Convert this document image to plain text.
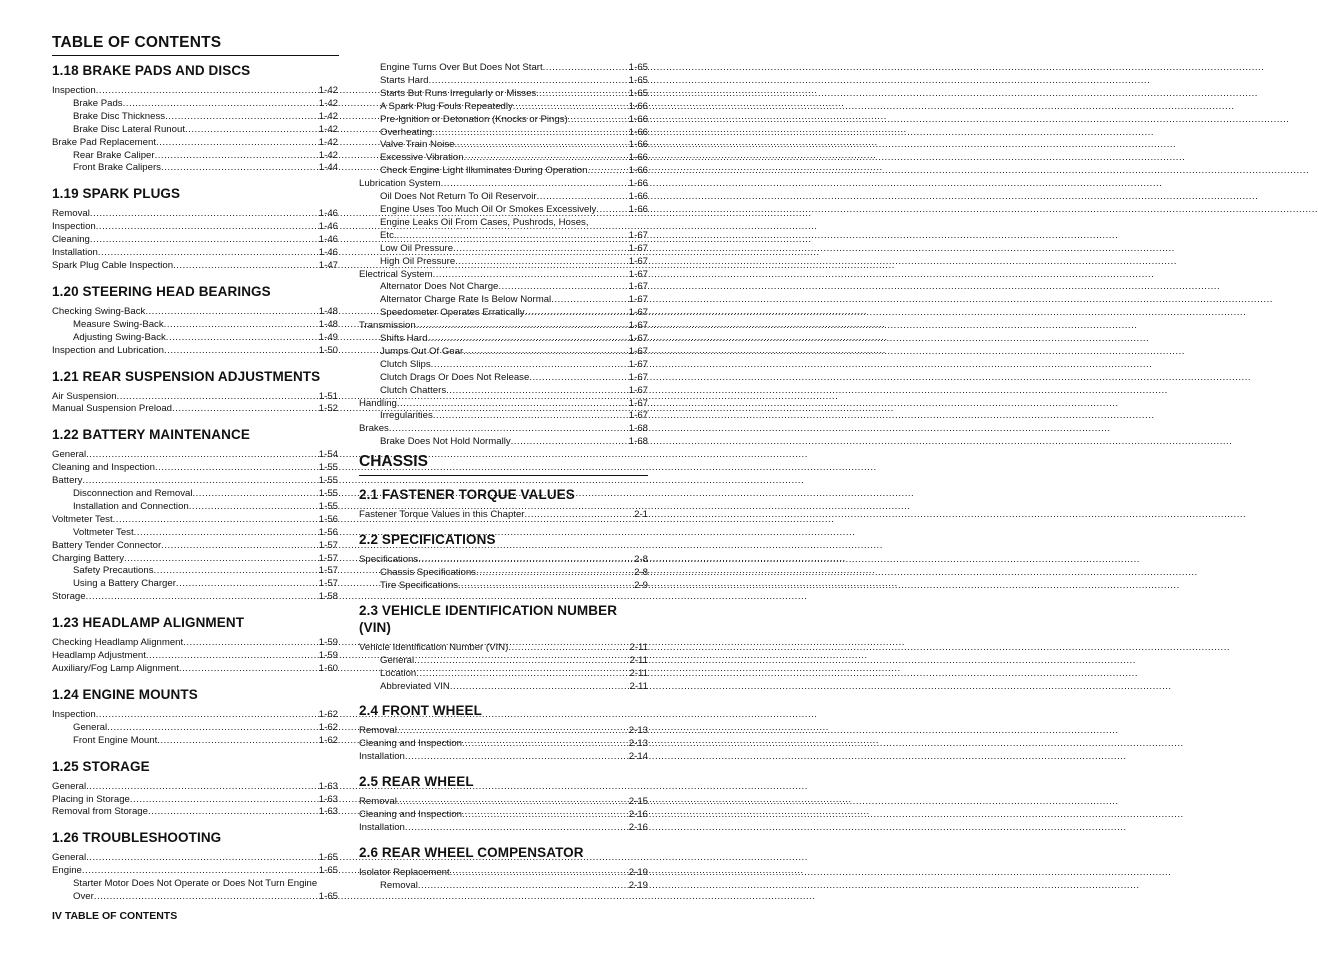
TABLE OF CONTENTS
1.18 BRAKE PADS AND DISCS
Inspection .....	1-42
Brake Pads .....	1-42
Brake Disc Thickness .....	1-42
Brake Disc Lateral Runout .....	1-42
Brake Pad Replacement .....	1-42
Rear Brake Caliper .....	1-42
Front Brake Calipers .....	1-44
1.19 SPARK PLUGS
Removal .....	1-46
Inspection .....	1-46
Cleaning .....	1-46
Installation .....	1-46
Spark Plug Cable Inspection .....	1-47
1.20 STEERING HEAD BEARINGS
Checking Swing-Back .....	1-48
Measure Swing-Back .....	1-48
Adjusting Swing-Back .....	1-49
Inspection and Lubrication .....	1-50
1.21 REAR SUSPENSION ADJUSTMENTS
Air Suspension .....	1-51
Manual Suspension Preload .....	1-52
1.22 BATTERY MAINTENANCE
General .....	1-54
Cleaning and Inspection .....	1-55
Battery .....	1-55
Disconnection and Removal .....	1-55
Installation and Connection .....	1-55
Voltmeter Test .....	1-56
Voltmeter Test .....	1-56
Battery Tender Connector .....	1-57
Charging Battery .....	1-57
Safety Precautions .....	1-57
Using a Battery Charger .....	1-57
Storage .....	1-58
1.23 HEADLAMP ALIGNMENT
Checking Headlamp Alignment .....	1-59
Headlamp Adjustment .....	1-59
Auxiliary/Fog Lamp Alignment .....	1-60
1.24 ENGINE MOUNTS
Inspection .....	1-62
General .....	1-62
Front Engine Mount .....	1-62
1.25 STORAGE
General .....	1-63
Placing in Storage .....	1-63
Removal from Storage .....	1-63
1.26 TROUBLESHOOTING
General .....	1-65
Engine .....	1-65
Starter Motor Does Not Operate or Does Not Turn Engine
Over .....	1-65
Engine Turns Over But Does Not Start .....	1-65
Starts Hard .....	1-65
Starts But Runs Irregularly or Misses .....	1-65
A Spark Plug Fouls Repeatedly .....	1-66
Pre-Ignition or Detonation (Knocks or Pings) .....	1-66
Overheating .....	1-66
Valve Train Noise .....	1-66
Excessive Vibration .....	1-66
Check Engine Light Illuminates During Operation .....	1-66
Lubrication System .....	1-66
Oil Does Not Return To Oil Reservoir .....	1-66
Engine Uses Too Much Oil Or Smokes Excessively .....	1-66
Engine Leaks Oil From Cases, Pushrods, Hoses,
Etc. .....	1-67
Low Oil Pressure .....	1-67
High Oil Pressure .....	1-67
Electrical System .....	1-67
Alternator Does Not Charge .....	1-67
Alternator Charge Rate Is Below Normal .....	1-67
Speedometer Operates Erratically .....	1-67
Transmission .....	1-67
Shifts Hard .....	1-67
Jumps Out Of Gear .....	1-67
Clutch Slips .....	1-67
Clutch Drags Or Does Not Release .....	1-67
Clutch Chatters .....	1-67
Handling .....	1-67
Irregularities .....	1-67
Brakes .....	1-68
Brake Does Not Hold Normally .....	1-68
CHASSIS
2.1 FASTENER TORQUE VALUES
Fastener Torque Values in this Chapter .....	2-1
2.2 SPECIFICATIONS
Specifications .....	2-8
Chassis Specifications .....	2-8
Tire Specifications .....	2-9
2.3 VEHICLE IDENTIFICATION NUMBER (VIN)
Vehicle Identification Number (VIN) .....	2-11
General .....	2-11
Location .....	2-11
Abbreviated VIN .....	2-11
2.4 FRONT WHEEL
Removal .....	2-13
Cleaning and Inspection .....	2-13
Installation .....	2-14
2.5 REAR WHEEL
Removal .....	2-15
Cleaning and Inspection .....	2-16
Installation .....	2-16
2.6 REAR WHEEL COMPENSATOR
Isolator Replacement .....	2-19
Removal .....	2-19
IV TABLE OF CONTENTS
